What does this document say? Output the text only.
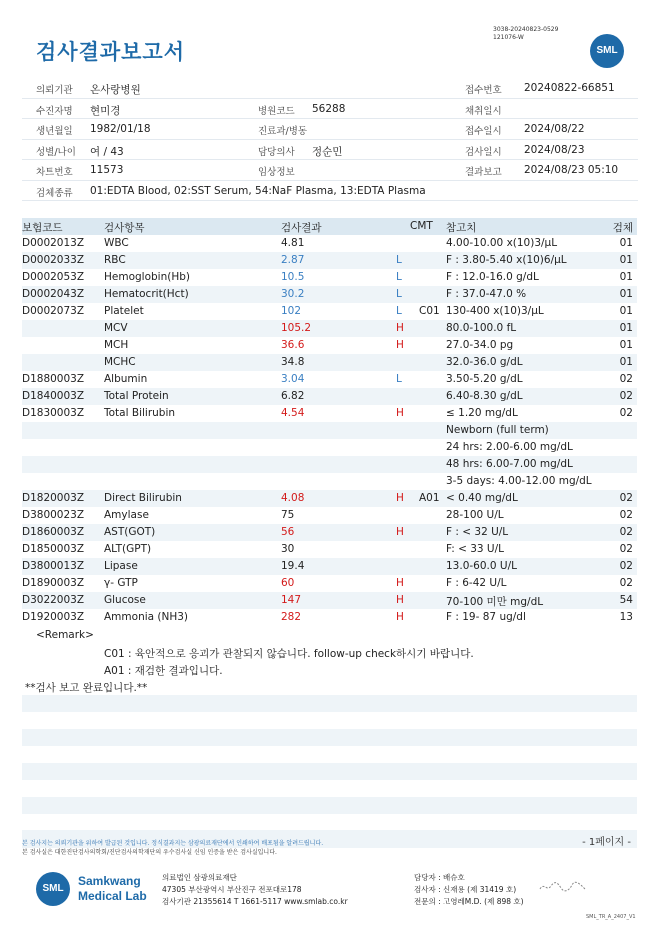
검사결과보고서
3038-20240823-0529
121076-W
SML
의뢰기관 온사랑병원	접수번호 20240822-66851
수진자명 현미경	병원코드 56288	채취일시
생년월일 1982/01/18	진료과/병동	접수일시 2024/08/22
성별/나이 여 / 43	담당의사 정순민	검사일시 2024/08/23
차트번호 11573	임상정보	결과보고 2024/08/23 05:10
검체종류 01:EDTA Blood, 02:SST Serum, 54:NaF Plasma, 13:EDTA Plasma
보험코드	검사항목	검사결과	CMT 참고치	검체
D0002013Z WBC	4.81	4.00-10.00 x(10)3/μL	01
D0002033Z RBC	2.87	L	F : 3.80-5.40 x(10)6/μL	01
D0002053Z Hemoglobin(Hb)	10.5	L	F : 12.0-16.0 g/dL	01
D0002043Z Hematocrit(Hct)	30.2	L	F : 37.0-47.0 %	01
D0002073Z Platelet	102	L C01 130-400 x(10)3/μL	01
MCV	105.2	H	80.0-100.0 fL	01
MCH	36.6	H	27.0-34.0 pg	01
MCHC	34.8	32.0-36.0 g/dL	01
D1880003Z Albumin	3.04	L	3.50-5.20 g/dL	02
D1840003Z Total Protein	6.82	6.40-8.30 g/dL	02
D1830003Z Total Bilirubin	4.54	H	≤ 1.20 mg/dL	02
Newborn (full term)
24 hrs: 2.00-6.00 mg/dL
48 hrs: 6.00-7.00 mg/dL
3-5 days: 4.00-12.00 mg/dL
D1820003Z Direct Bilirubin	4.08	H A01 < 0.40 mg/dL	02
D3800023Z Amylase	75	28-100 U/L	02
D1860003Z AST(GOT)	56	H	F : < 32 U/L	02
D1850003Z ALT(GPT)	30	F: < 33 U/L	02
D3800013Z Lipase	19.4	13.0-60.0 U/L	02
D1890003Z γ- GTP	60	H	F : 6-42 U/L	02
D3022003Z Glucose	147	H	70-100 미만 mg/dL	54
D1920003Z Ammonia (NH3)	282	H	F : 19- 87 ug/dl	13
<Remark>
C01 : 육안적으로 응괴가 관찰되지 않습니다. follow-up check하시기 바랍니다.
A01 : 재검한 결과입니다.
**검사 보고 완료입니다.**
- 1페이지 -
본 검사지는 의뢰기관을 위하여 발급된 것입니다. 정식결과지는 삼광의료재단에서 인쇄하여 배포됨을 알려드립니다.
본 검사실은 대한진단검사의학회/진단검사의학재단의 우수검사실 신임 인증을 받은 검사실입니다.
SML
Samkwang
Medical Lab
의료법인 삼광의료재단
47305 부산광역시 부산진구 전포대로178
검사기관 21355614 T 1661-5117 www.smlab.co.kr
담당자 : 배슈호
검사자 : 신재용 (제 31419 호)
전문의 : 고영레M.D. (제 898 호)
SML_TR_A_2407_V1
